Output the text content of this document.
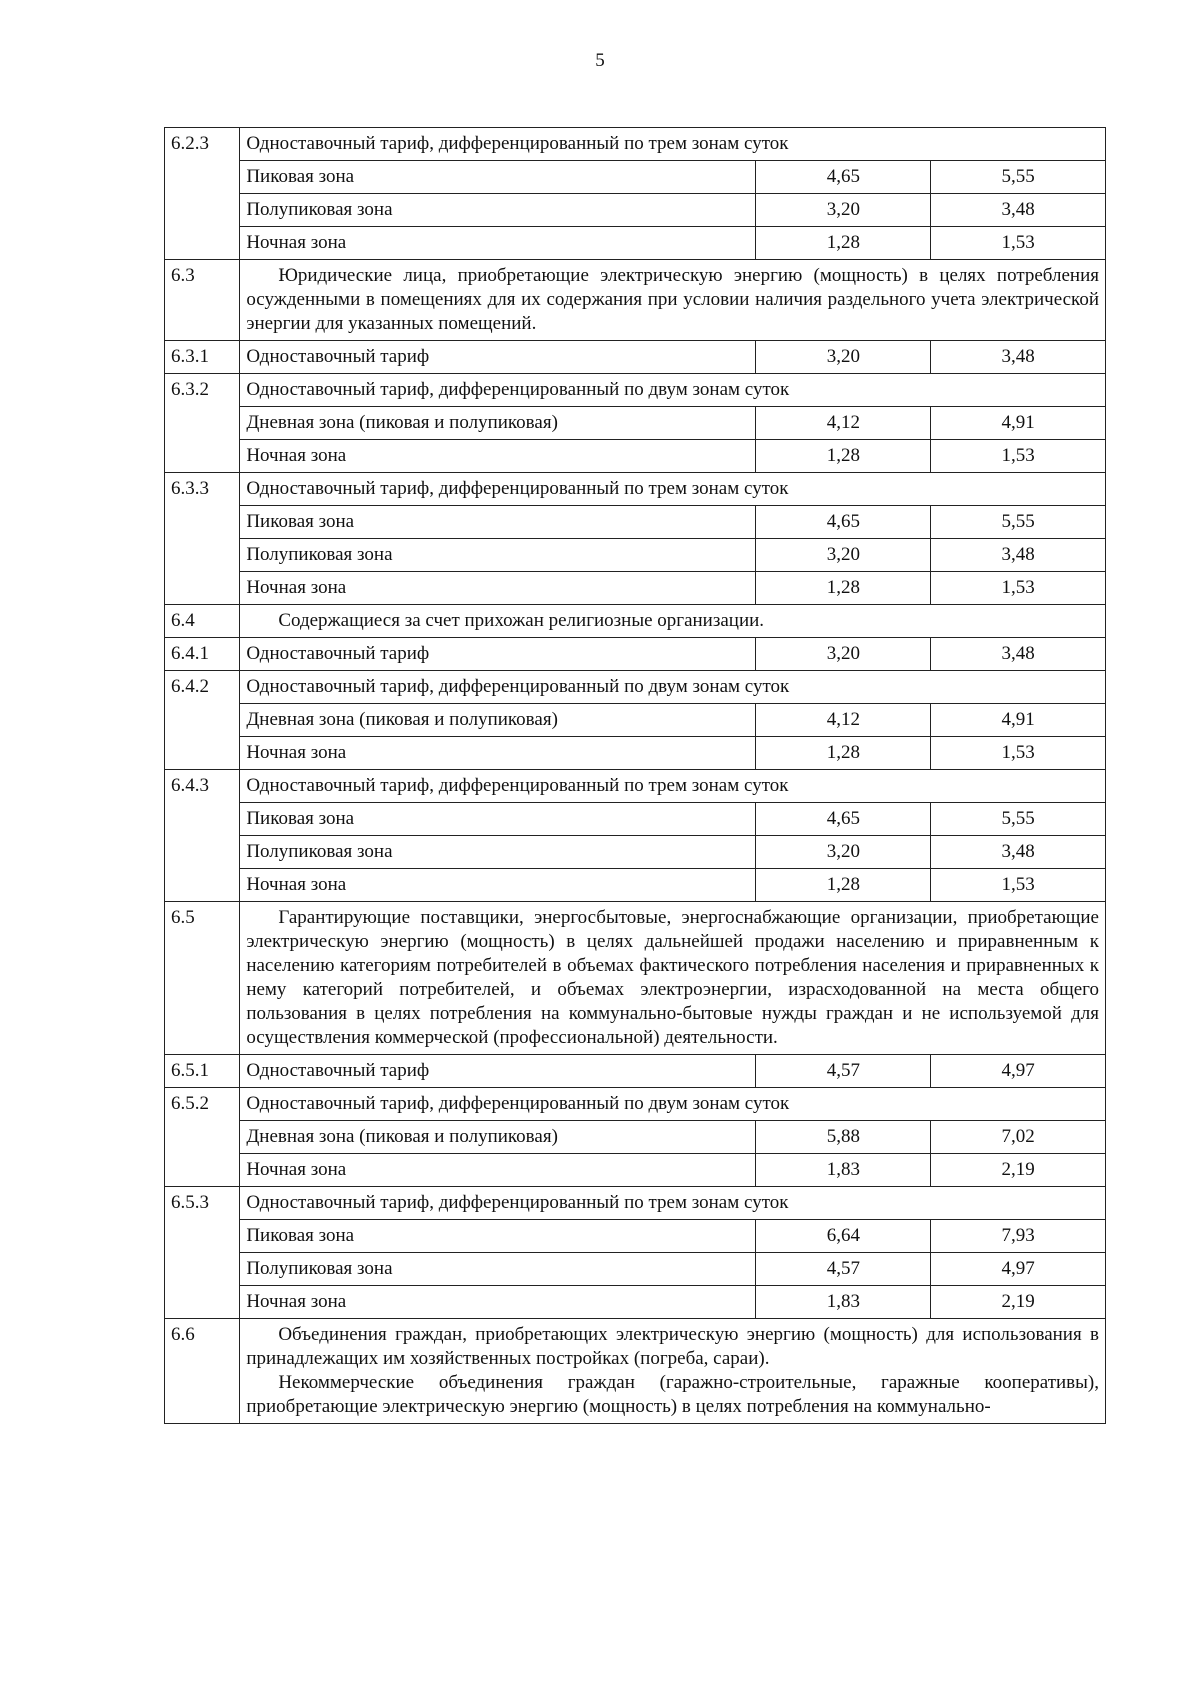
5
6.2.3	Одноставочный тариф, дифференцированный по трем зонам суток		
	Пиковая зона	4,65	5,55
	Полупиковая зона	3,20	3,48
	Ночная зона	1,28	1,53
6.3	Юридические лица, приобретающие электрическую энергию (мощность) в целях потребления осужденными в помещениях для их содержания при условии наличия раздельного учета электрической энергии для указанных помещений.		

6.3.1	Одноставочный тариф	3,20	3,48
6.3.2	Одноставочный тариф, дифференцированный по двум зонам суток		
	Дневная зона (пиковая и полупиковая)	4,12	4,91
	Ночная зона	1,28	1,53
6.3.3	Одноставочный тариф, дифференцированный по трем зонам суток		
	Пиковая зона	4,65	5,55
	Полупиковая зона	3,20	3,48
	Ночная зона	1,28	1,53
6.4	Содержащиеся за счет прихожан религиозные организации.		

6.4.1	Одноставочный тариф	3,20	3,48
6.4.2	Одноставочный тариф, дифференцированный по двум зонам суток		
	Дневная зона (пиковая и полупиковая)	4,12	4,91
	Ночная зона	1,28	1,53
6.4.3	Одноставочный тариф, дифференцированный по трем зонам суток		
	Пиковая зона	4,65	5,55
	Полупиковая зона	3,20	3,48
	Ночная зона	1,28	1,53
6.5	Гарантирующие поставщики, энергосбытовые, энергоснабжающие организации, приобретающие электрическую энергию (мощность) в целях дальнейшей продажи населению и приравненным к населению категориям потребителей в объемах фактического потребления населения и приравненных к нему категорий потребителей, и объемах электроэнергии, израсходованной на места общего пользования в целях потребления на коммунально-бытовые нужды граждан и не используемой для осуществления коммерческой (профессиональной) деятельности.		

6.5.1	Одноставочный тариф	4,57	4,97
6.5.2	Одноставочный тариф, дифференцированный по двум зонам суток		
	Дневная зона (пиковая и полупиковая)	5,88	7,02
	Ночная зона	1,83	2,19
6.5.3	Одноставочный тариф, дифференцированный по трем зонам суток		
	Пиковая зона	6,64	7,93
	Полупиковая зона	4,57	4,97
	Ночная зона	1,83	2,19
6.6	Объединения граждан, приобретающих электрическую энергию (мощность) для использования в принадлежащих им хозяйственных постройках (погреба, сараи).

Некоммерческие объединения граждан (гаражно-строительные, гаражные кооперативы), приобретающие электрическую энергию (мощность) в целях потребления на коммунально-		
